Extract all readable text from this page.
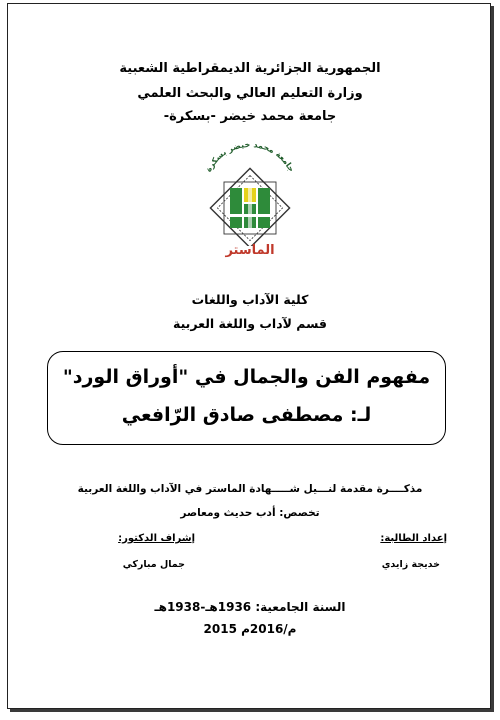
الجمهورية الجزائرية الديمقراطية الشعبية
وزارة التعليم العالي والبحث العلمي
جامعة محمد خيضر -بسكرة-
جامعة محمد خيضر بسكرة
الماستر
كلية الآداب واللغات
قسم لآداب واللغة العربية
مفهوم الفن والجمال في "أوراق الورد"
لـ: مصطفى صادق الرّافعي
مذكــــرة مقدمة لنـــيل شـــــهادة الماستر في الآداب واللغة العربية
تخصص: أدب حديث ومعاصر
إعداد الطالبة:
إشراف الدكتور:
خديجة زايدي
جمال مباركي
السنة الجامعية: 1936هـ-1938هـ
2015 م/2016م
